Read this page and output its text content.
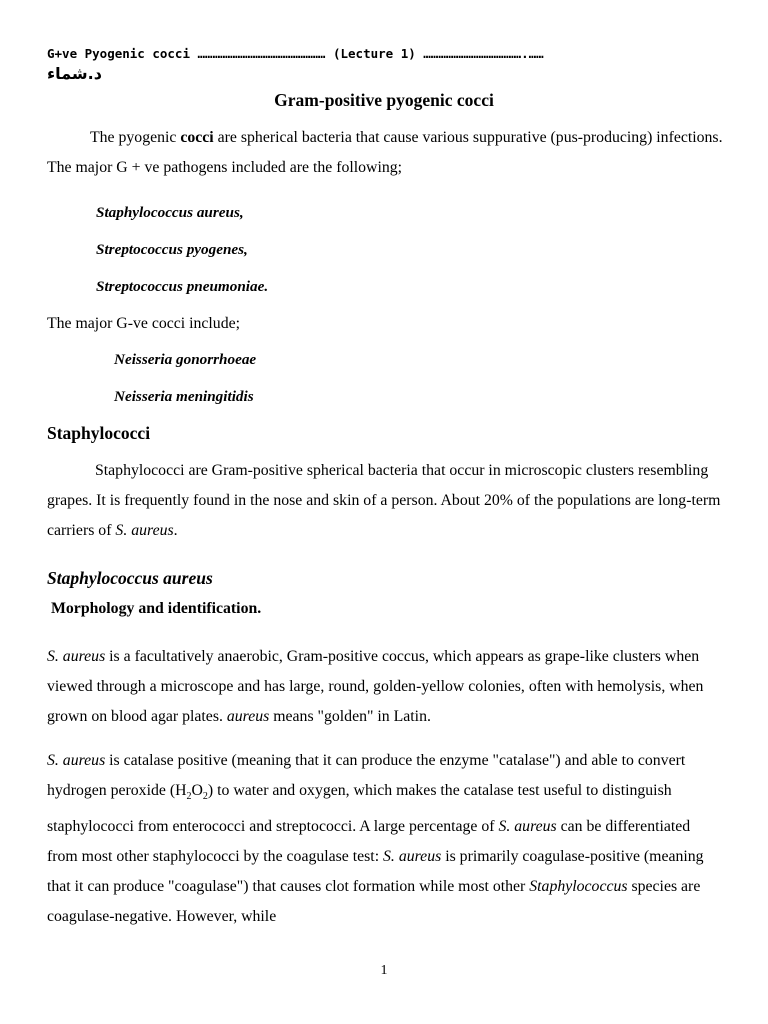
G+ve Pyogenic cocci …………………………………………… (Lecture 1) ………………………………….……
د.شماء
Gram-positive pyogenic cocci
The pyogenic cocci are spherical bacteria that cause various suppurative (pus-producing) infections. The major G + ve pathogens included are the following;
Staphylococcus aureus,
Streptococcus pyogenes,
Streptococcus pneumoniae.
The major G-ve cocci include;
Neisseria gonorrhoeae
Neisseria meningitidis
Staphylococci
Staphylococci are Gram-positive spherical bacteria that occur in microscopic clusters resembling grapes. It is frequently found in the nose and skin of a person. About 20% of the populations are long-term carriers of S. aureus.
Staphylococcus aureus
Morphology and identification.
S. aureus is a facultatively anaerobic, Gram-positive coccus, which appears as grape-like clusters when viewed through a microscope and has large, round, golden-yellow colonies, often with hemolysis, when grown on blood agar plates. aureus means "golden" in Latin.
S. aureus is catalase positive (meaning that it can produce the enzyme "catalase") and able to convert hydrogen peroxide $(H_2O_2)$ to water and oxygen, which makes the catalase test useful to distinguish staphylococci from enterococci and streptococci. A large percentage of S. aureus can be differentiated from most other staphylococci by the coagulase test: S. aureus is primarily coagulase-positive (meaning that it can produce "coagulase") that causes clot formation while most other Staphylococcus species are coagulase-negative. However, while
1
